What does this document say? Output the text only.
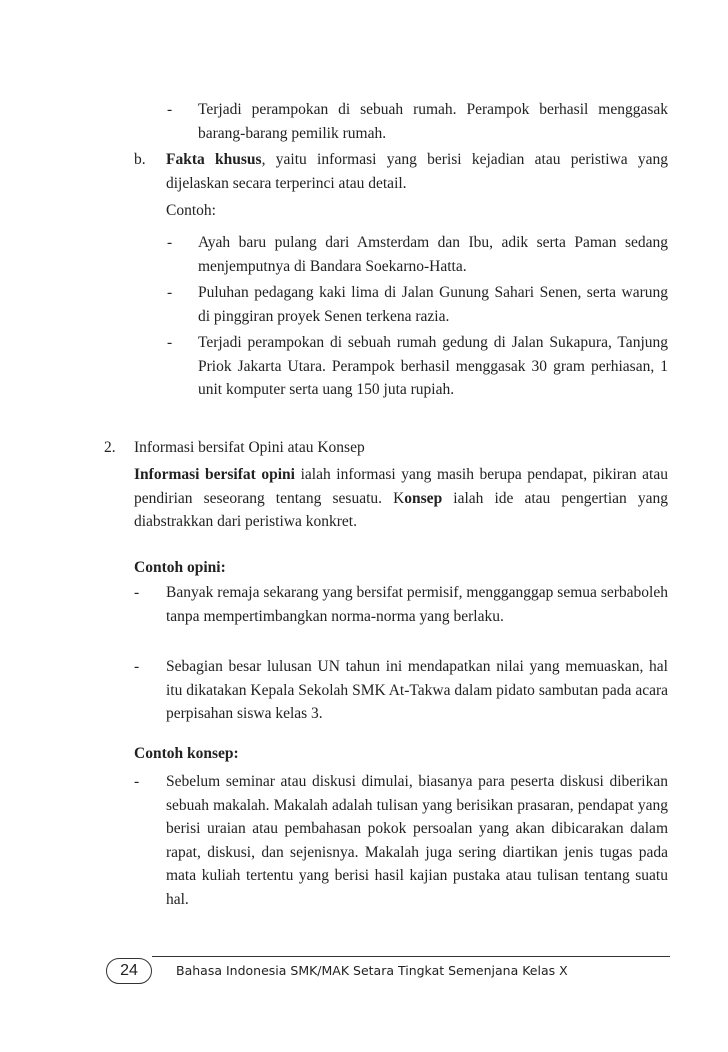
- Terjadi perampokan di sebuah rumah. Perampok berhasil menggasak barang-barang pemilik rumah.
b. Fakta khusus, yaitu informasi yang berisi kejadian atau peristiwa yang dijelaskan secara terperinci atau detail.
Contoh:
- Ayah baru pulang dari Amsterdam dan Ibu, adik serta Paman sedang menjemputnya di Bandara Soekarno-Hatta.
- Puluhan pedagang kaki lima di Jalan Gunung Sahari Senen, serta warung di pinggiran proyek Senen terkena razia.
- Terjadi perampokan di sebuah rumah gedung di Jalan Sukapura, Tanjung Priok Jakarta Utara. Perampok berhasil menggasak 30 gram perhiasan, 1 unit komputer serta uang 150 juta rupiah.
2. Informasi bersifat Opini atau Konsep
Informasi bersifat opini ialah informasi yang masih berupa pendapat, pikiran atau pendirian seseorang tentang sesuatu. Konsep ialah ide atau pengertian yang diabstrakkan dari peristiwa konkret.
Contoh opini:
- Banyak remaja sekarang yang bersifat permisif, mengganggap semua serbaboleh tanpa mempertimbangkan norma-norma yang berlaku.
- Sebagian besar lulusan UN tahun ini mendapatkan nilai yang memuaskan, hal itu dikatakan Kepala Sekolah SMK At-Takwa dalam pidato sambutan pada acara perpisahan siswa kelas 3.
Contoh konsep:
- Sebelum seminar atau diskusi dimulai, biasanya para peserta diskusi diberikan sebuah makalah. Makalah adalah tulisan yang berisikan prasaran, pendapat yang berisi uraian atau pembahasan pokok persoalan yang akan dibicarakan dalam rapat, diskusi, dan sejenisnya. Makalah juga sering diartikan jenis tugas pada mata kuliah tertentu yang berisi hasil kajian pustaka atau tulisan tentang suatu hal.
24	Bahasa Indonesia SMK/MAK Setara Tingkat Semenjana Kelas X
